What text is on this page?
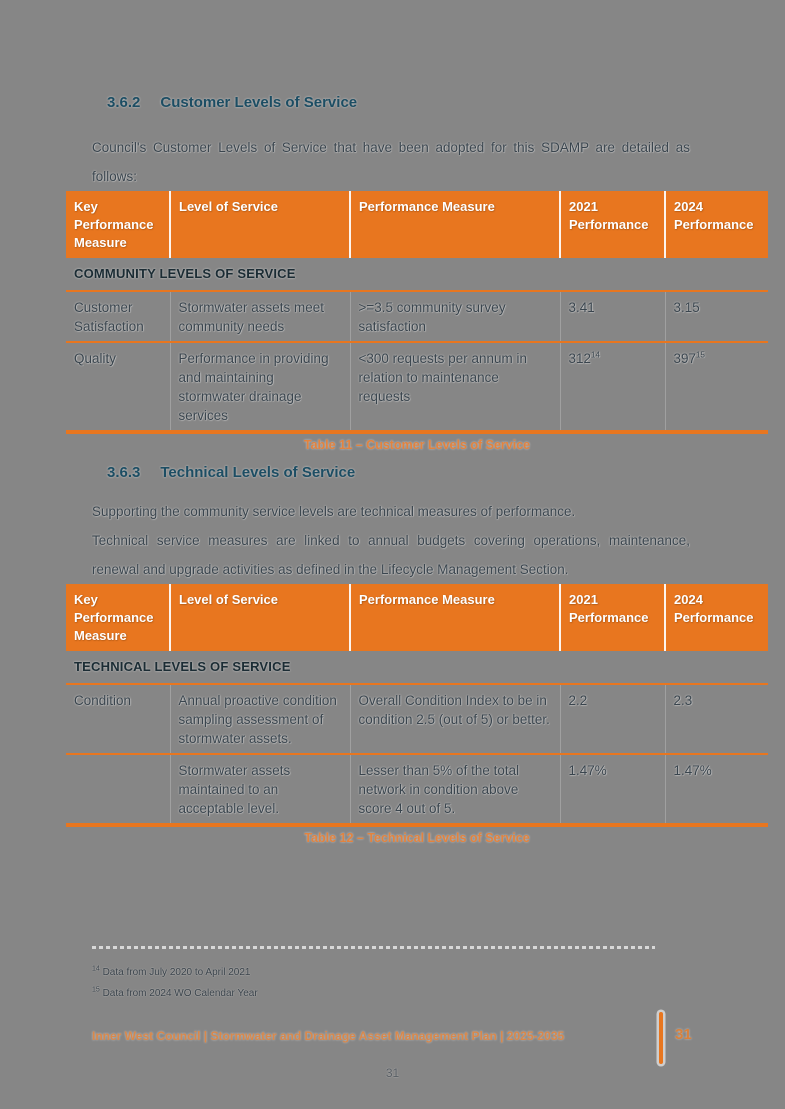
3.6.2 Customer Levels of Service

Council's Customer Levels of Service that have been adopted for this SDAMP are detailed as follows:

Key Performance Measure	Level of Service	Performance Measure	2021 Performance	2024 Performance
COMMUNITY LEVELS OF SERVICE				
Customer Satisfaction	Stormwater assets meet community needs	>=3.5 community survey satisfaction	3.41	3.15
Quality	Performance in providing and maintaining stormwater drainage services	<300 requests per annum in relation to maintenance requests	312$^{14}$	397$^{15}$
Table 11 – Customer Levels of Service
3.6.3 Technical Levels of Service

Supporting the community service levels are technical measures of performance.

Technical service measures are linked to annual budgets covering operations, maintenance, renewal and upgrade activities as defined in the Lifecycle Management Section.

Key Performance Measure	Level of Service	Performance Measure	2021 Performance	2024 Performance
TECHNICAL LEVELS OF SERVICE				
Condition	Annual proactive condition sampling assessment of stormwater assets.	Overall Condition Index to be in condition 2.5 (out of 5) or better.	2.2	2.3
	Stormwater assets maintained to an acceptable level.	Lesser than 5% of the total network in condition above score 4 out of 5.	1.47%	1.47%
Table 12 – Technical Levels of Service
$^{14}$ Data from July 2020 to April 2021
$^{15}$ Data from 2024 WO Calendar Year
Inner West Council | Stormwater and Drainage Asset Management Plan | 2025-2035	31
31
